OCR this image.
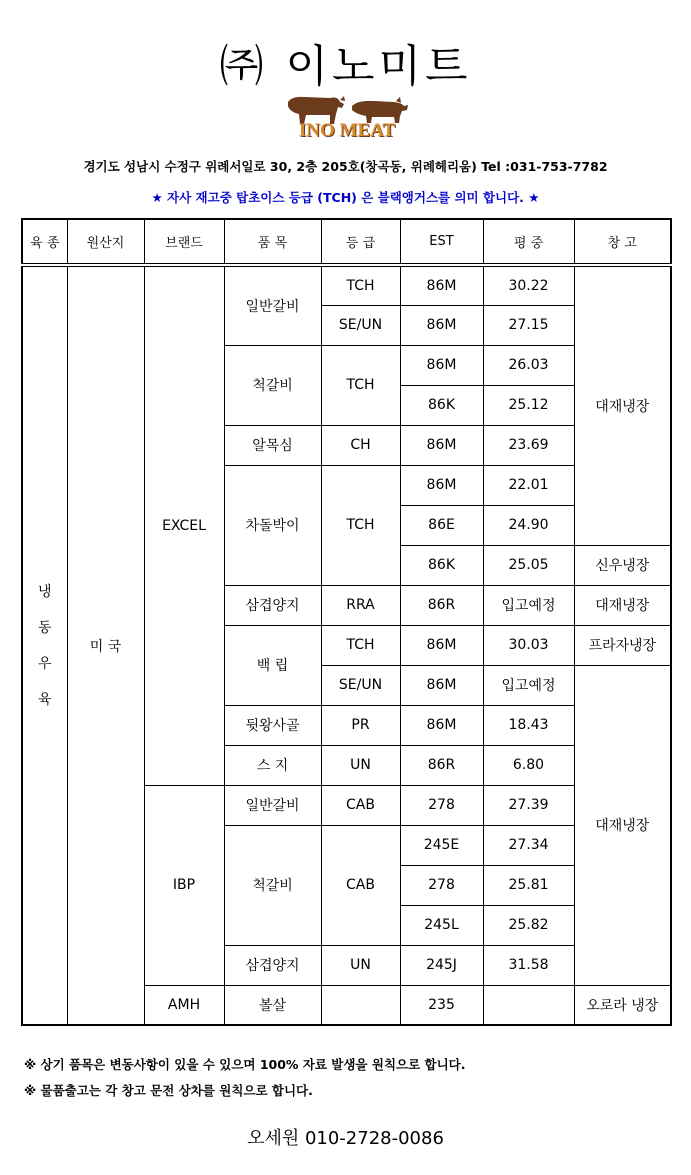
㈜ 이노미트
INO MEAT
경기도 성남시 수정구 위례서일로 30, 2층 205호(창곡동, 위례헤리움) Tel :031-753-7782
★ 자사 재고중 탑초이스 등급 (TCH) 은 블랙앵거스를 의미 합니다. ★
육 종	원산지	브랜드	품 목	등 급	EST	평 중	창 고

냉
동
우
육	미 국	EXCEL	일반갈비	TCH	86M	30.22	대재냉장
				SE/UN	86M	27.15	
			척갈비	TCH	86M	26.03	
					86K	25.12	
			알목심	CH	86M	23.69	
			차돌박이	TCH	86M	22.01	
					86E	24.90	
					86K	25.05	신우냉장
			삼겹양지	RRA	86R	입고예정	대재냉장
			백 립	TCH	86M	30.03	프라자냉장
				SE/UN	86M	입고예정	대재냉장
			뒷왕사골	PR	86M	18.43	
			스 지	UN	86R	6.80	
		IBP	일반갈비	CAB	278	27.39	
			척갈비	CAB	245E	27.34	
					278	25.81	
					245L	25.82	
			삼겹양지	UN	245J	31.58	
		AMH	볼살		235		오로라 냉장
※ 상기 품목은 변동사항이 있을 수 있으며 100% 자료 발생을 원칙으로 합니다.
※ 물품출고는 각 창고 문전 상차를 원칙으로 합니다.
오세원 010-2728-0086
